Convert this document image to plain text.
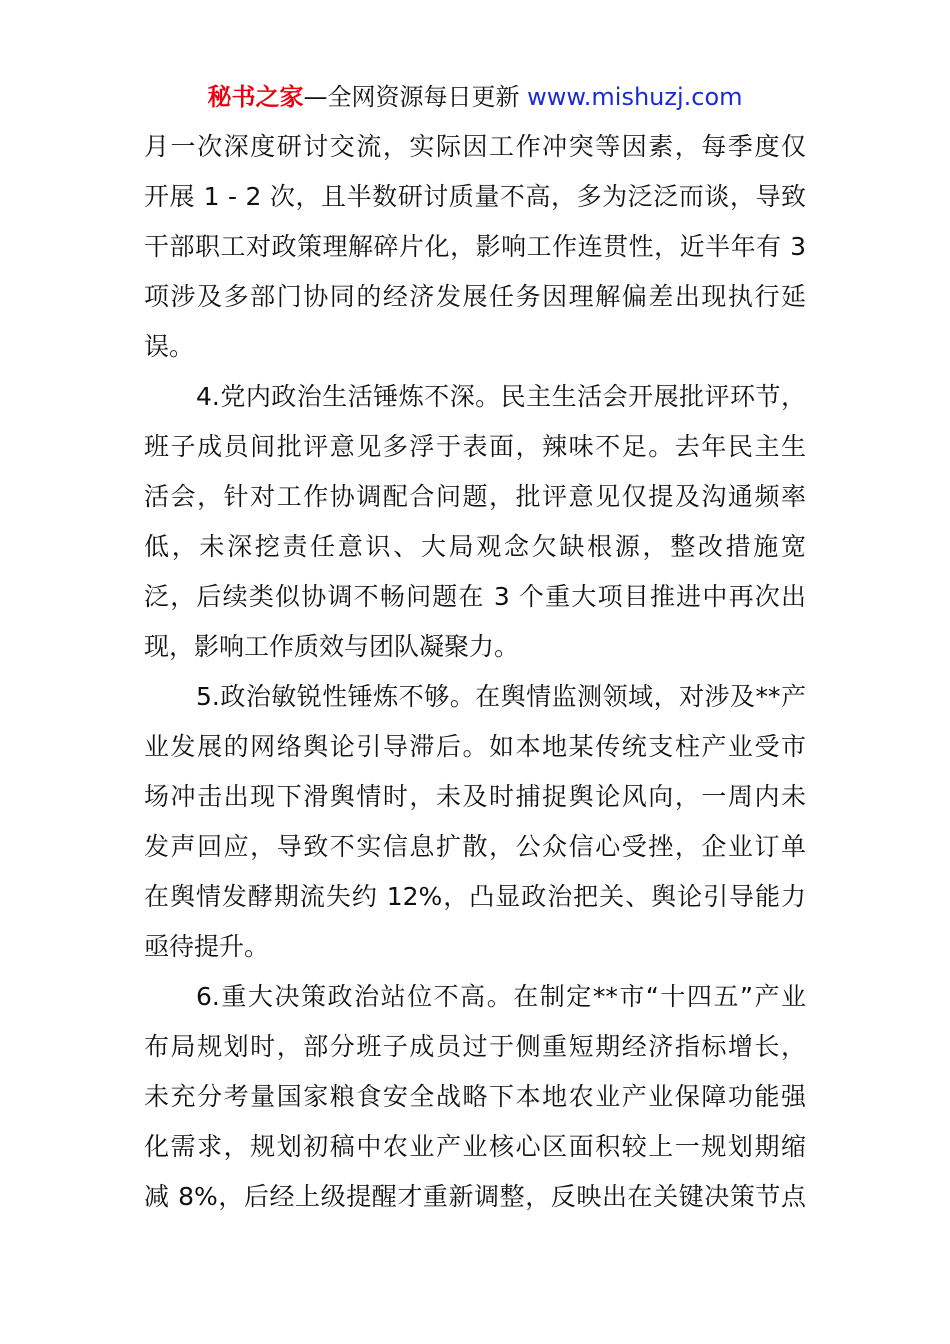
秘书之家—全网资源每日更新 www.mishuzj.com
月一次深度研讨交流，实际因工作冲突等因素，每季度仅
开展 1 - 2 次，且半数研讨质量不高，多为泛泛而谈，导致
干部职工对政策理解碎片化，影响工作连贯性，近半年有 3
项涉及多部门协同的经济发展任务因理解偏差出现执行延
误。
4.党内政治生活锤炼不深。民主生活会开展批评环节，
班子成员间批评意见多浮于表面，辣味不足。去年民主生
活会，针对工作协调配合问题，批评意见仅提及沟通频率
低，未深挖责任意识、大局观念欠缺根源，整改措施宽
泛，后续类似协调不畅问题在 3 个重大项目推进中再次出
现，影响工作质效与团队凝聚力。
5.政治敏锐性锤炼不够。在舆情监测领域，对涉及**产
业发展的网络舆论引导滞后。如本地某传统支柱产业受市
场冲击出现下滑舆情时，未及时捕捉舆论风向，一周内未
发声回应，导致不实信息扩散，公众信心受挫，企业订单
在舆情发酵期流失约 12%，凸显政治把关、舆论引导能力
亟待提升。
6.重大决策政治站位不高。在制定**市“十四五”产业
布局规划时，部分班子成员过于侧重短期经济指标增长，
未充分考量国家粮食安全战略下本地农业产业保障功能强
化需求，规划初稿中农业产业核心区面积较上一规划期缩
减 8%，后经上级提醒才重新调整，反映出在关键决策节点
